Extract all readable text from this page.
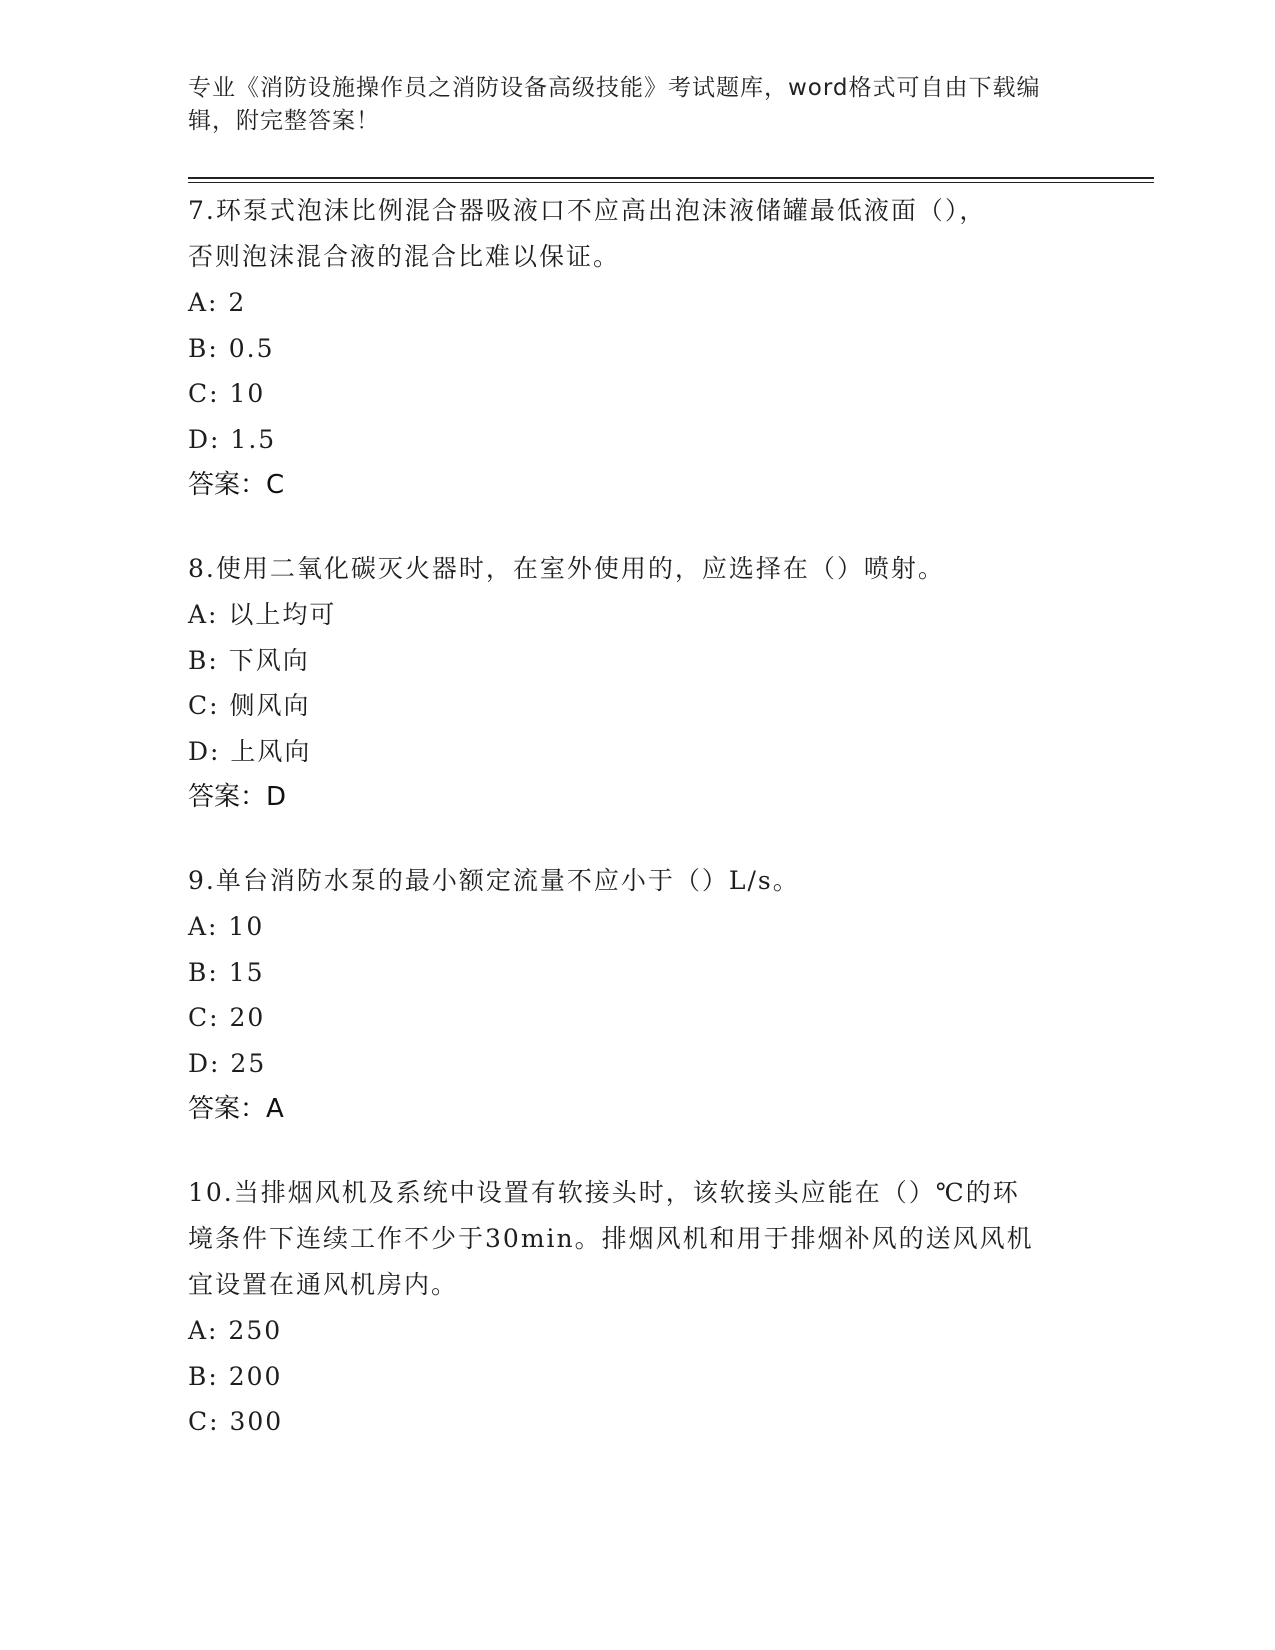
专业《消防设施操作员之消防设备高级技能》考试题库，word格式可自由下载编
辑，附完整答案！

7.环泵式泡沫比例混合器吸液口不应高出泡沫液储罐最低液面（），

否则泡沫混合液的混合比难以保证。

A: 2

B: 0.5

C: 10

D: 1.5

答案：C

8.使用二氧化碳灭火器时，在室外使用的，应选择在（）喷射。

A: 以上均可

B: 下风向

C: 侧风向

D: 上风向

答案：D

9.单台消防水泵的最小额定流量不应小于（）L/s。

A: 10

B: 15

C: 20

D: 25

答案：A

10.当排烟风机及系统中设置有软接头时，该软接头应能在（）℃的环

境条件下连续工作不少于30min。排烟风机和用于排烟补风的送风风机

宜设置在通风机房内。

A: 250

B: 200

C: 300
